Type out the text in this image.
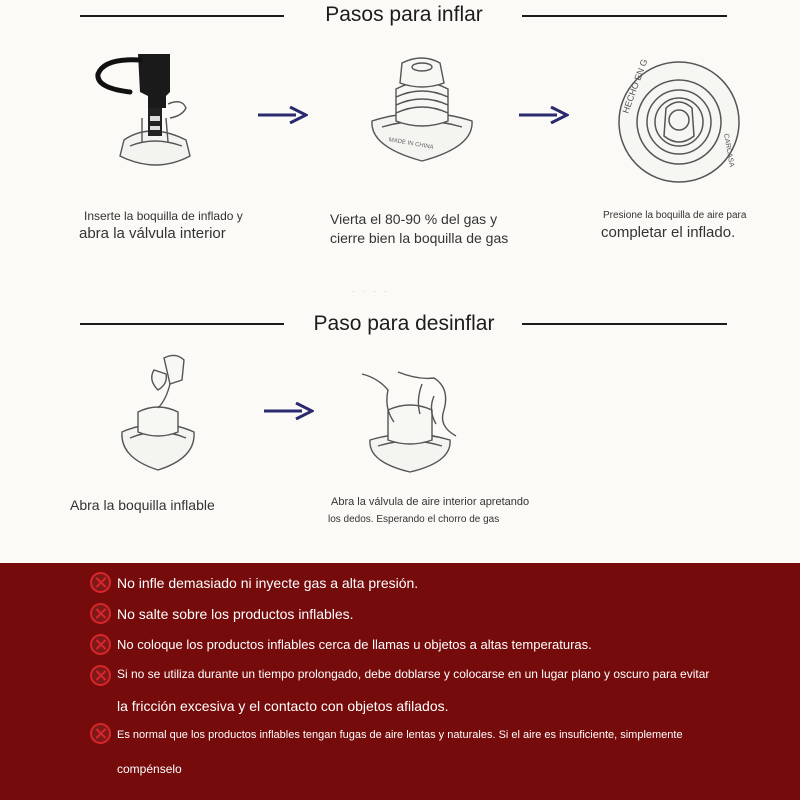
Pasos para inflar
MADE IN CHINA
HECHO EN G
CARCASA
Inserte la boquilla de inflado y
abra la válvula interior
Vierta el 80-90 % del gas y
cierre bien la boquilla de gas
Presione la boquilla de aire para
completar el inflado.
····
Paso para desinflar
Abra la boquilla inflable	Abra la válvula de aire interior apretando
los dedos. Esperando el chorro de gas
No infle demasiado ni inyecte gas a alta presión.
No salte sobre los productos inflables.
No coloque los productos inflables cerca de llamas u objetos a altas temperaturas.
Si no se utiliza durante un tiempo prolongado, debe doblarse y colocarse en un lugar plano y oscuro para evitar
la fricción excesiva y el contacto con objetos afilados.
Es normal que los productos inflables tengan fugas de aire lentas y naturales. Si el aire es insuficiente, simplemente
compénselo
